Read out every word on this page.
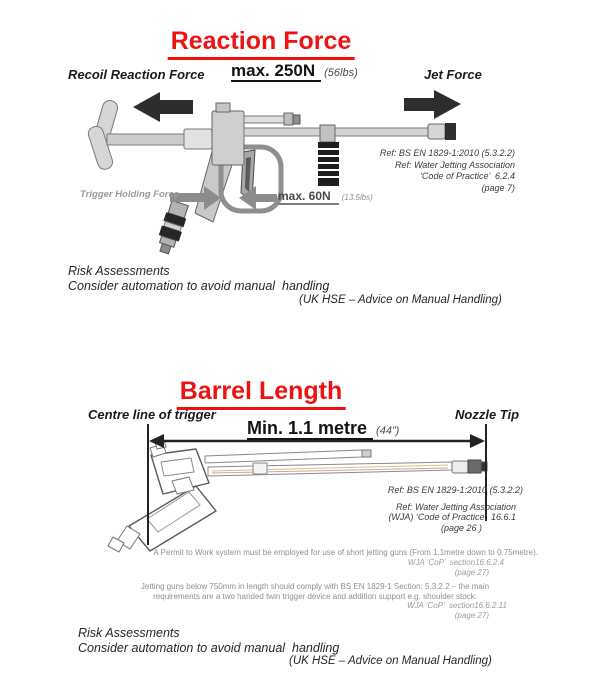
Reaction Force
Recoil Reaction Force max. 250N (56lbs)	Jet Force
Ref: BS EN 1829-1:2010 (5.3.2.2)
Ref: Water Jetting Association
‘Code of Practice’  6.2.4
(page 7)
Trigger Holding Force	max. 60N (13.5lbs)
Risk Assessments
Consider automation to avoid manual  handling
(UK HSE – Advice on Manual Handling)
Barrel Length
Centre line of trigger	Nozzle Tip
Min. 1.1 metre (44”)
Ref: BS EN 1829-1:2010 (5.3.2.2)
Ref: Water Jetting Association
(WJA) ‘Code of Practice’  16.6.1
(page 26 )
A Permit to Work system must be employed for use of short jetting guns (From 1.1metre down to 0.75metre).
WJA ‘CoP’  section16.6.2.4
(page 27)
Jetting guns below 750mm in length should comply with BS EN 1829-1 Section: 5.3.2.2 – the main
requirements are a two handed twin trigger device and addition support e.g. shoulder stock.
WJA ‘CoP’  section16.6.2.11
(page 27)
Risk Assessments
Consider automation to avoid manual  handling
(UK HSE – Advice on Manual Handling)
